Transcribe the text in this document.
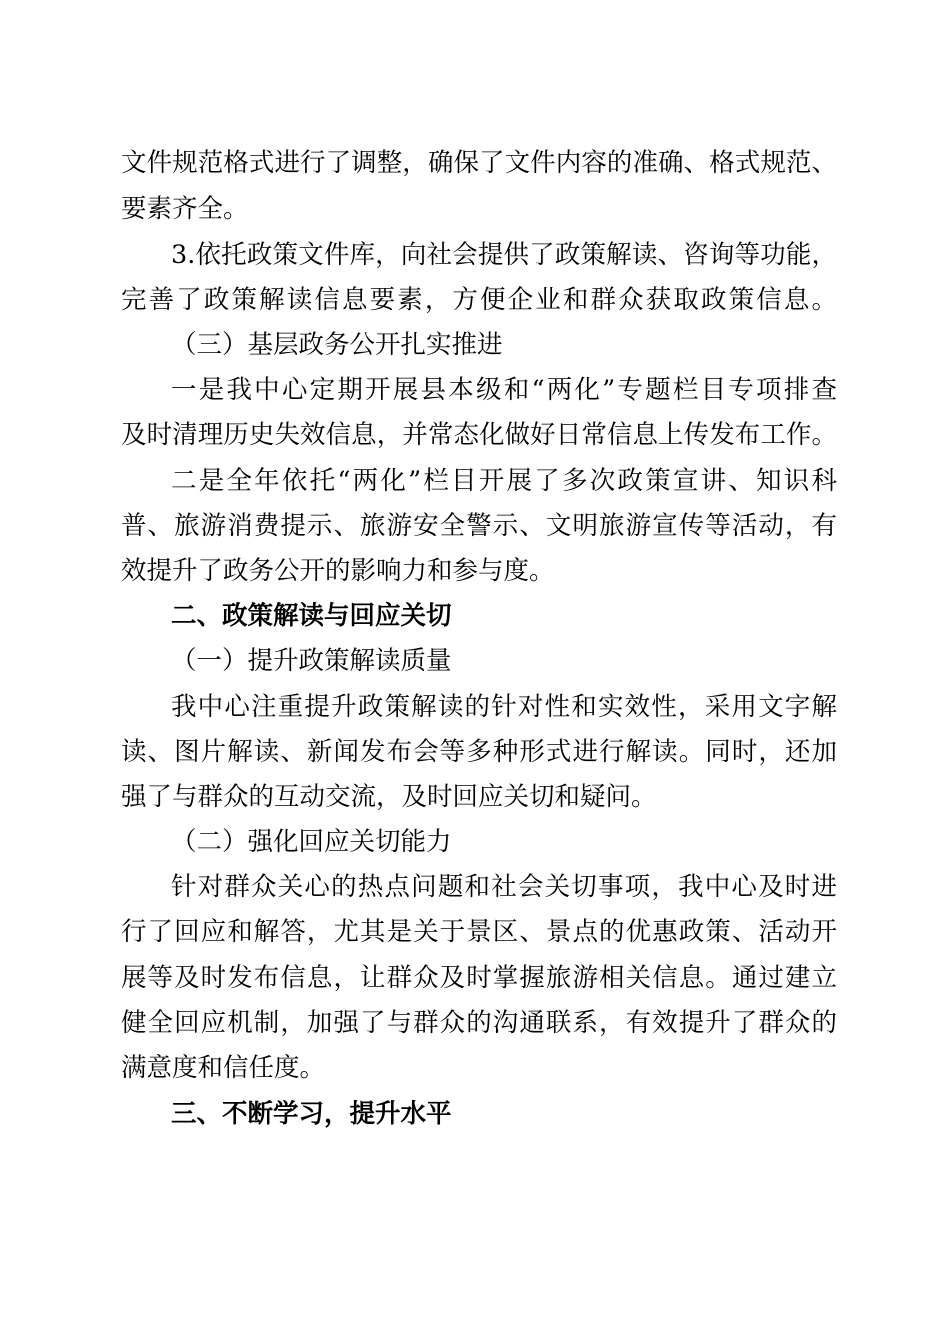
文件规范格式进行了调整，确保了文件内容的准确、格式规范、

要素齐全。

3.依托政策文件库，向社会提供了政策解读、咨询等功能，

完善了政策解读信息要素，方便企业和群众获取政策信息。

（三）基层政务公开扎实推进

一是我中心定期开展县本级和“两化”专题栏目专项排查

及时清理历史失效信息，并常态化做好日常信息上传发布工作。

二是全年依托“两化”栏目开展了多次政策宣讲、知识科

普、旅游消费提示、旅游安全警示、文明旅游宣传等活动，有

效提升了政务公开的影响力和参与度。

二、政策解读与回应关切

（一）提升政策解读质量

我中心注重提升政策解读的针对性和实效性，采用文字解

读、图片解读、新闻发布会等多种形式进行解读。同时，还加

强了与群众的互动交流，及时回应关切和疑问。

（二）强化回应关切能力

针对群众关心的热点问题和社会关切事项，我中心及时进

行了回应和解答，尤其是关于景区、景点的优惠政策、活动开

展等及时发布信息，让群众及时掌握旅游相关信息。通过建立

健全回应机制，加强了与群众的沟通联系，有效提升了群众的

满意度和信任度。

三、不断学习，提升水平
